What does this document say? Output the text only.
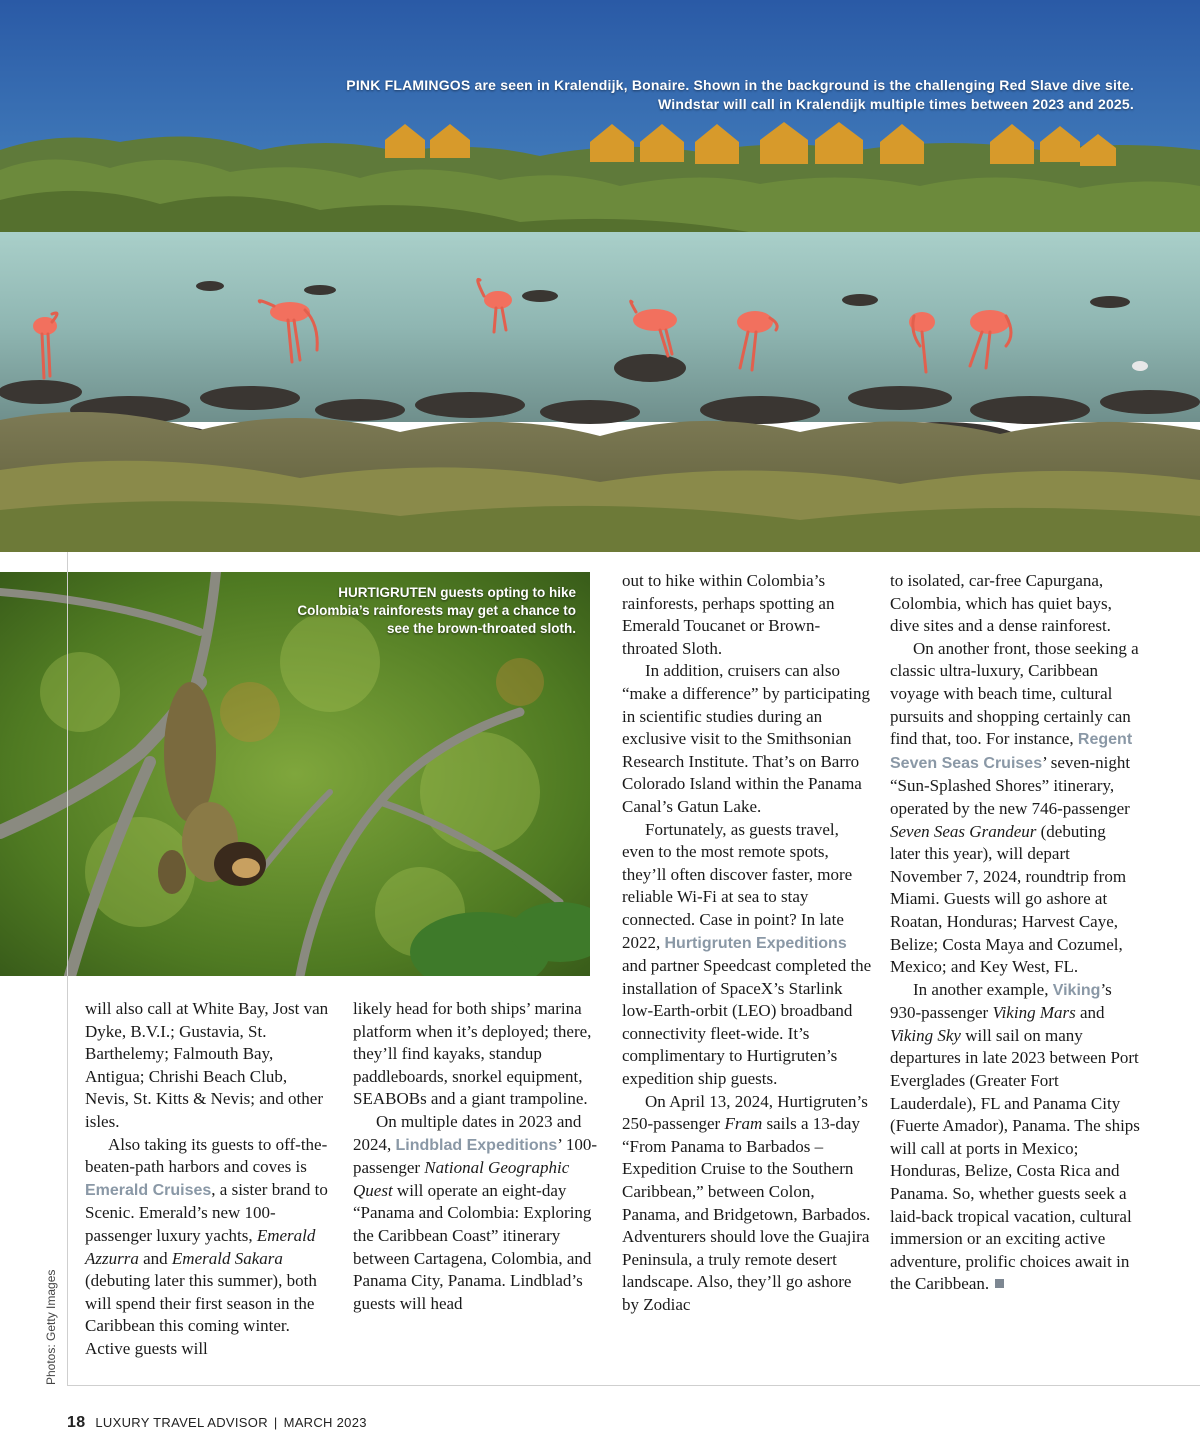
PINK FLAMINGOS are seen in Kralendijk, Bonaire. Shown in the background is the challenging Red Slave dive site. Windstar will call in Kralendijk multiple times between 2023 and 2025.
HURTIGRUTEN guests opting to hike Colombia’s rainforests may get a chance to see the brown-throated sloth.
Photos: Getty Images

will also call at White Bay, Jost van Dyke, B.V.I.; Gustavia, St. Barthelemy; Falmouth Bay, Antigua; Chrishi Beach Club, Nevis, St. Kitts & Nevis; and other isles.

Also taking its guests to off-the-beaten-path harbors and coves is Emerald Cruises, a sister brand to Scenic. Emerald’s new 100-passenger luxury yachts, Emerald Azzurra and Emerald Sakara (debuting later this summer), both will spend their first season in the Caribbean this coming winter. Active guests will

likely head for both ships’ marina platform when it’s deployed; there, they’ll find kayaks, standup paddleboards, snorkel equipment, SEABOBs and a giant trampoline.

On multiple dates in 2023 and 2024, Lindblad Expeditions’ 100-passenger National Geographic Quest will operate an eight-day “Panama and Colombia: Exploring the Caribbean Coast” itinerary between Cartagena, Colombia, and Panama City, Panama. Lindblad’s guests will head

out to hike within Colombia’s rainforests, perhaps spotting an Emerald Toucanet or Brown-throated Sloth.

In addition, cruisers can also “make a difference” by participating in scientific studies during an exclusive visit to the Smithsonian Research Institute. That’s on Barro Colorado Island within the Panama Canal’s Gatun Lake.

Fortunately, as guests travel, even to the most remote spots, they’ll often discover faster, more reliable Wi-Fi at sea to stay connected. Case in point? In late 2022, Hurtigruten Expeditions and partner Speedcast completed the installation of SpaceX’s Starlink low-Earth-orbit (LEO) broadband connectivity fleet-wide. It’s complimentary to Hurtigruten’s expedition ship guests.

On April 13, 2024, Hurtigruten’s 250-passenger Fram sails a 13-day “From Panama to Barbados – Expedition Cruise to the Southern Caribbean,” between Colon, Panama, and Bridgetown, Barbados. Adventurers should love the Guajira Peninsula, a truly remote desert landscape. Also, they’ll go ashore by Zodiac

to isolated, car-free Capurgana, Colombia, which has quiet bays, dive sites and a dense rainforest.

On another front, those seeking a classic ultra-luxury, Caribbean voyage with beach time, cultural pursuits and shopping certainly can find that, too. For instance, Regent Seven Seas Cruises’ seven-night “Sun-Splashed Shores” itinerary, operated by the new 746-passenger Seven Seas Grandeur (debuting later this year), will depart November 7, 2024, roundtrip from Miami. Guests will go ashore at Roatan, Honduras; Harvest Caye, Belize; Costa Maya and Cozumel, Mexico; and Key West, FL.

In another example, Viking’s 930-passenger Viking Mars and Viking Sky will sail on many departures in late 2023 between Port Everglades (Greater Fort Lauderdale), FL and Panama City (Fuerte Amador), Panama. The ships will call at ports in Mexico; Honduras, Belize, Costa Rica and Panama. So, whether guests seek a laid-back tropical vacation, cultural immersion or an exciting active adventure, prolific choices await in the Caribbean.

18 LUXURY TRAVEL ADVISOR | MARCH 2023
